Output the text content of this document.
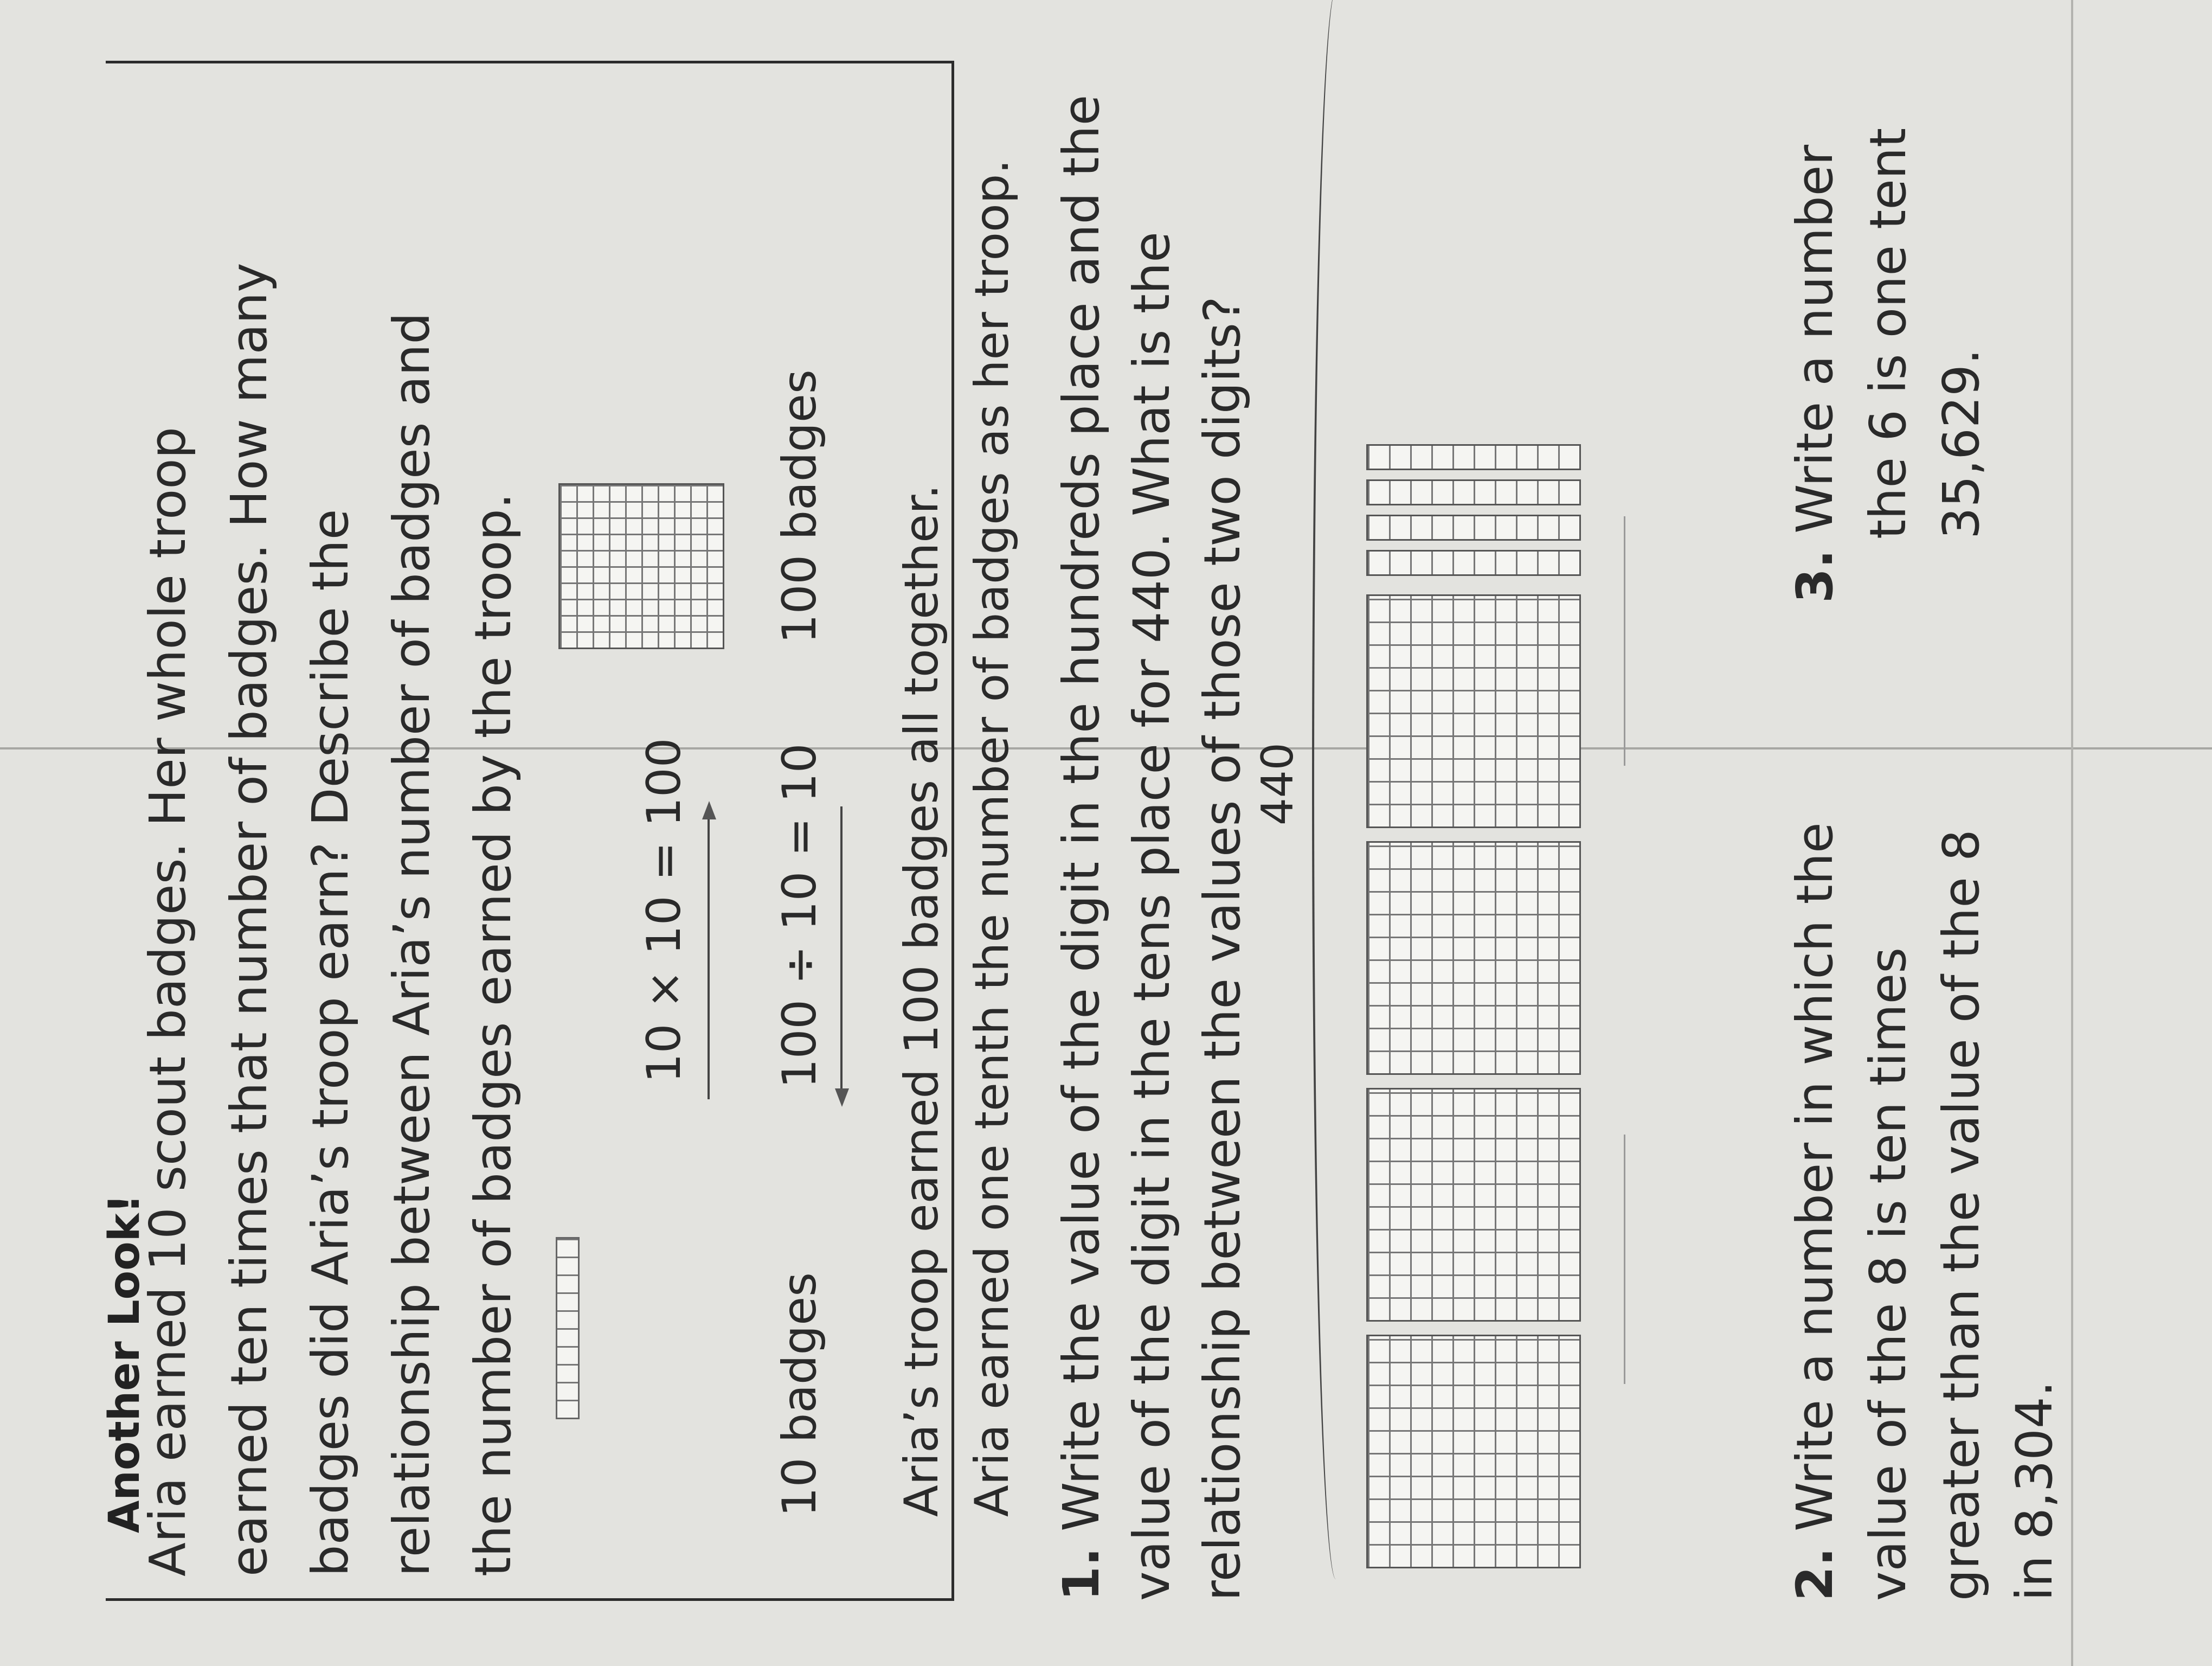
Another Look!
Aria earned 10 scout badges. Her whole troop earned ten times that number of badges. How many badges did Aria’s troop earn? Describe the relationship between Aria’s number of badges and the number of badges earned by the troop. 10 × 10 = 100
10 badges
100 ÷ 10 = 10
100 badges Aria’s troop earned 100 badges all together. Aria earned one tenth the number of badges as her troop.
1. Write the value of the digit in the hundreds place and the value of the digit in the tens place for 440. What is the relationship between the values of those two digits? 440
2. Write a number in which the value of the 8 is ten times greater than the value of the 8 in 8,304.
3. Write a number the 6 is one tent 35,629.
